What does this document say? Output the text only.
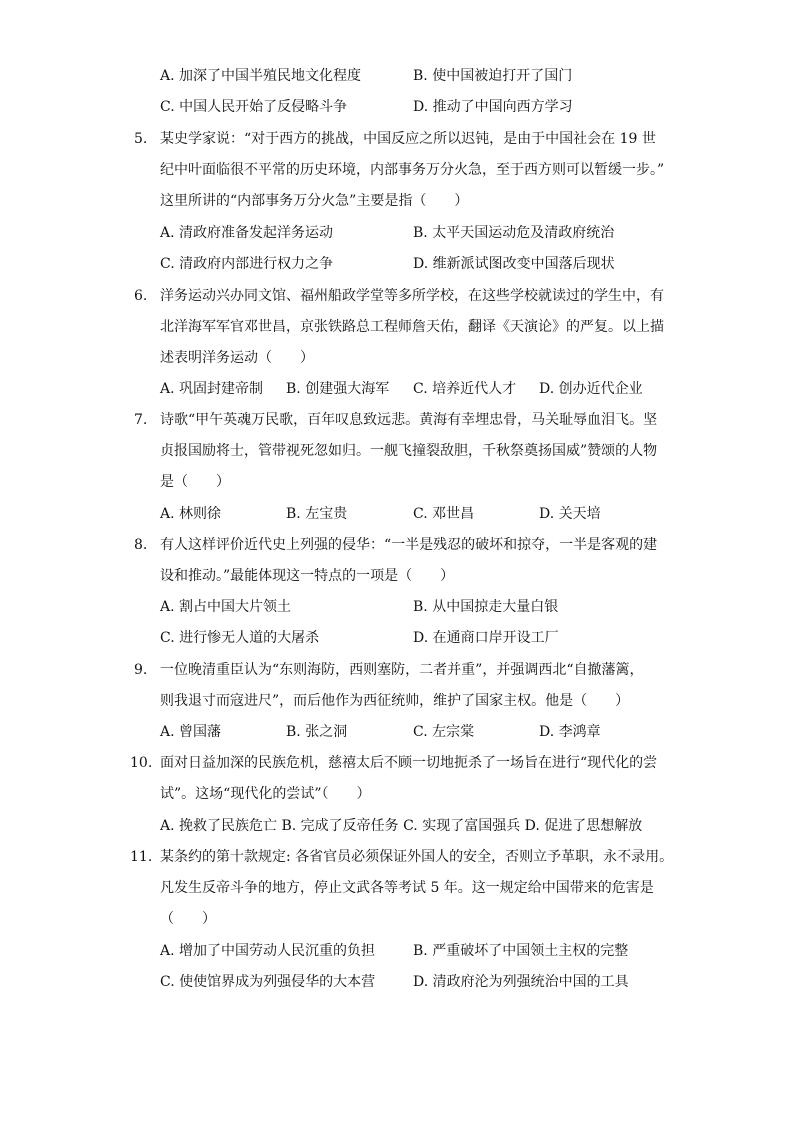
A. 加深了中国半殖民地文化程度	B. 使中国被迫打开了国门
C. 中国人民开始了反侵略斗争	D. 推动了中国向西方学习
5. 某史学家说：“对于西方的挑战，中国反应之所以迟钝，是由于中国社会在 19 世
纪中叶面临很不平常的历史环境，内部事务万分火急，至于西方则可以暂缓一步。”
这里所讲的“内部事务万分火急”主要是指（　　）
A. 清政府准备发起洋务运动	B. 太平天国运动危及清政府统治
C. 清政府内部进行权力之争	D. 维新派试图改变中国落后现状
6. 洋务运动兴办同文馆、福州船政学堂等多所学校，在这些学校就读过的学生中，有
北洋海军军官邓世昌，京张铁路总工程师詹天佑，翻译《天演论》的严复。以上描
述表明洋务运动（　　）
A. 巩固封建帝制 B. 创建强大海军 C. 培养近代人才 D. 创办近代企业
7. 诗歌“甲午英魂万民歌，百年叹息致远悲。黄海有幸埋忠骨，马关耻辱血泪飞。坚
贞报国励将士，管带视死忽如归。一舰飞撞裂敌胆，千秋祭奠扬国威”赞颂的人物
是（　　）
A. 林则徐	B. 左宝贵	C. 邓世昌	D. 关天培
8. 有人这样评价近代史上列强的侵华：“一半是残忍的破坏和掠夺，一半是客观的建
设和推动。”最能体现这一特点的一项是（　　）
A. 割占中国大片领土	B. 从中国掠走大量白银
C. 进行惨无人道的大屠杀	D. 在通商口岸开设工厂
9. 一位晚清重臣认为“东则海防，西则塞防，二者并重”，并强调西北“自撤藩篱，
则我退寸而寇进尺”，而后他作为西征统帅，维护了国家主权。他是（　　）
A. 曾国藩	B. 张之洞	C. 左宗棠	D. 李鸿章
10. 面对日益加深的民族危机，慈禧太后不顾一切地扼杀了一场旨在进行“现代化的尝
试”。这场“现代化的尝试”（　　）
A. 挽救了民族危亡 B. 完成了反帝任务 C. 实现了富国强兵 D. 促进了思想解放
11. 某条约的第十款规定: 各省官员必须保证外国人的安全，否则立予革职，永不录用。
凡发生反帝斗争的地方，停止文武各等考试 5 年。这一规定给中国带来的危害是
（　　）
A. 增加了中国劳动人民沉重的负担	B. 严重破坏了中国领土主权的完整
C. 使使馆界成为列强侵华的大本营	D. 清政府沦为列强统治中国的工具
